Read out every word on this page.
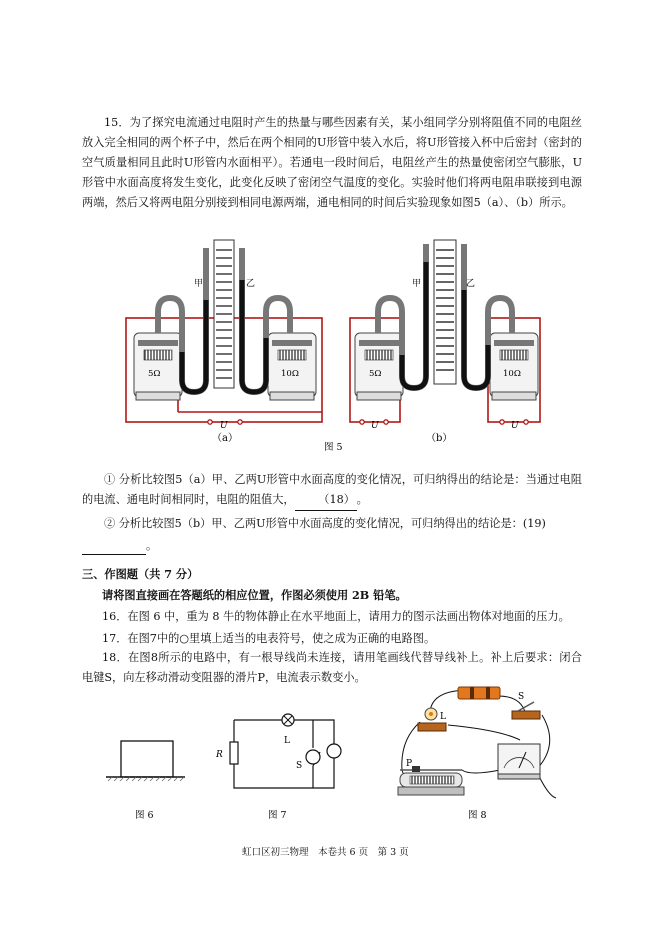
15．为了探究电流通过电阻时产生的热量与哪些因素有关，某小组同学分别将阻值不同的电阻丝放入完全相同的两个杯子中，然后在两个相同的U形管中装入水后，将U形管接入杯中后密封（密封的空气质量相同且此时U形管内水面相平）。若通电一段时间后，电阻丝产生的热量使密闭空气膨胀，U形管中水面高度将发生变化，此变化反映了密闭空气温度的变化。实验时他们将两电阻串联接到电源两端，然后又将两电阻分别接到相同电源两端，通电相同的时间后实验现象如图5（a）、（b）所示。
甲	乙
5Ω	10Ω
U
甲	乙
5Ω	10Ω
U	U
（a）
图 5
（b）
图 6
R
L
S
图 7
L
S
P
图 8
① 分析比较图5（a）甲、乙两U形管中水面高度的变化情况，可归纳得出的结论是：当通过电阻的电流、通电时间相同时，电阻的阻值大， （18） 。
② 分析比较图5（b）甲、乙两U形管中水面高度的变化情况，可归纳得出的结论是：(19)
。
三、作图题（共 7 分）
请将图直接画在答题纸的相应位置，作图必须使用 2B 铅笔。
16．在图 6 中，重为 8 牛的物体静止在水平地面上，请用力的图示法画出物体对地面的压力。
17．在图7中的○里填上适当的电表符号，使之成为正确的电路图。
18．在图8所示的电路中，有一根导线尚未连接，请用笔画线代替导线补上。补上后要求：闭合电键S，向左移动滑动变阻器的滑片P，电流表示数变小。
虹口区初三物理　本卷共 6 页　第 3 页
